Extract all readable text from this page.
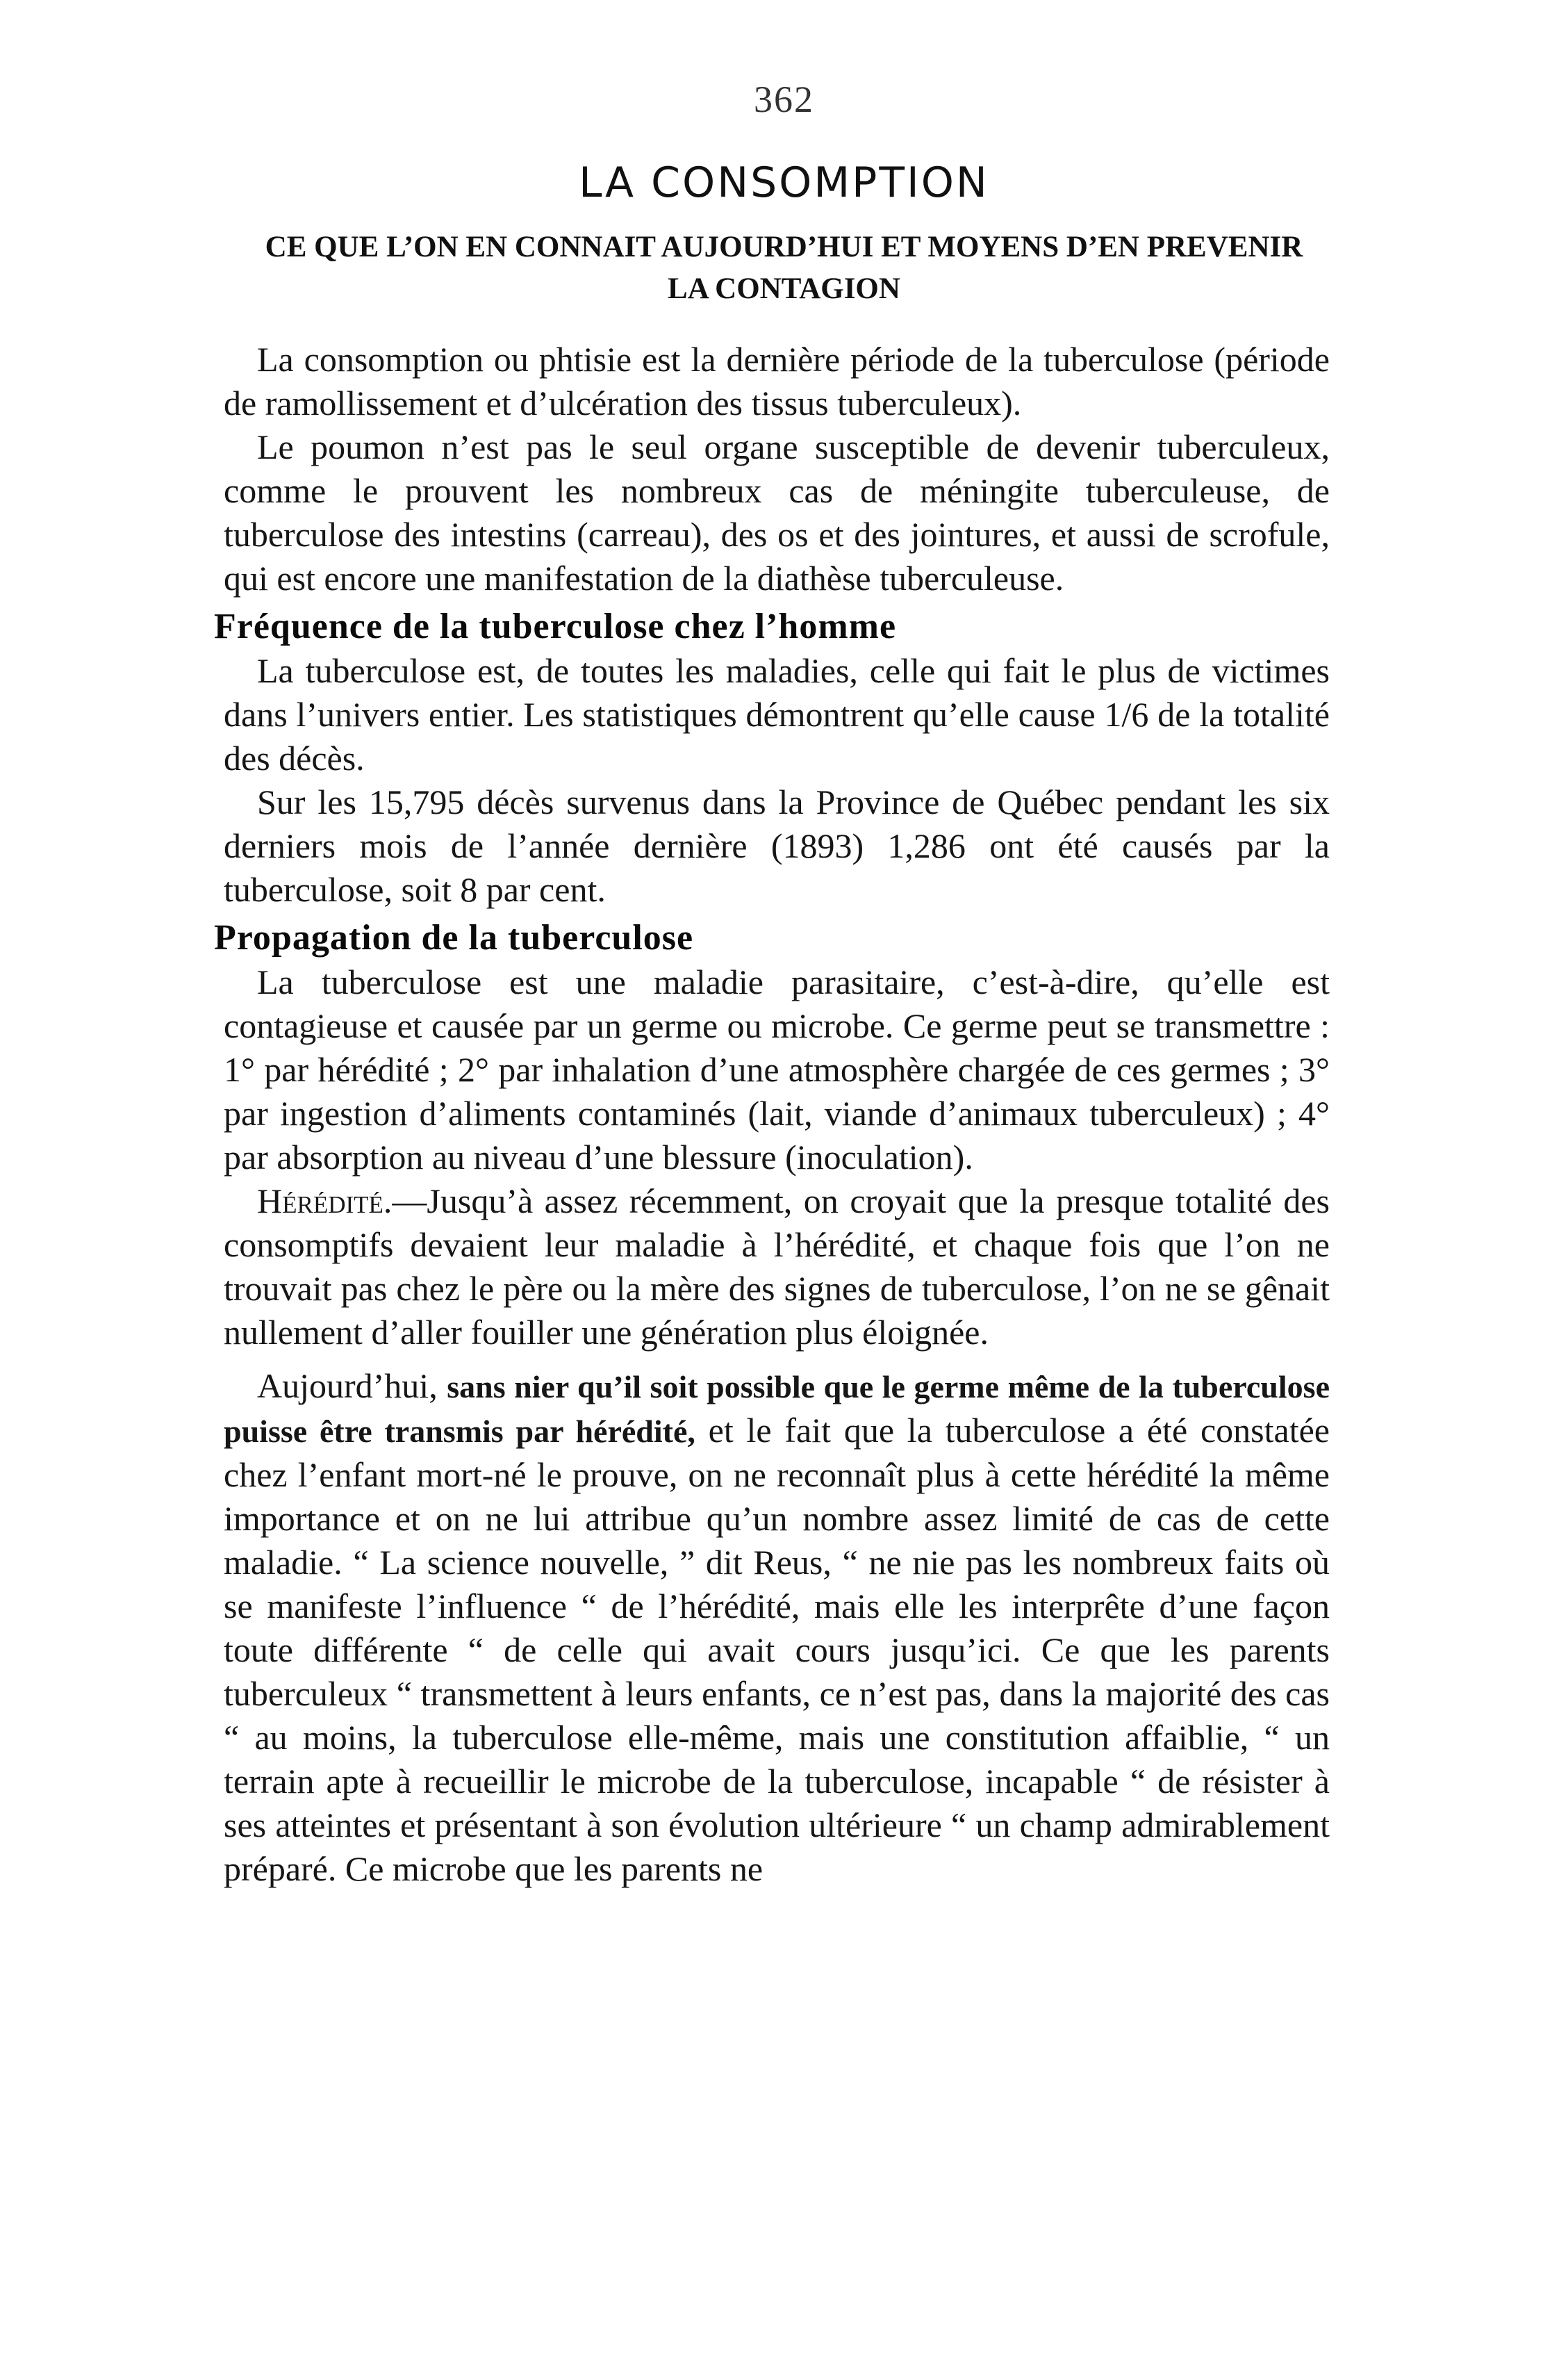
362
LA CONSOMPTION
CE QUE L’ON EN CONNAIT AUJOURD’HUI ET MOYENS D’EN PREVENIR
LA CONTAGION

La consomption ou phtisie est la dernière période de la tuberculose (période de ramollissement et d’ulcération des tissus tuberculeux).

Le poumon n’est pas le seul organe susceptible de devenir tuberculeux, comme le prouvent les nombreux cas de méningite tuberculeuse, de tuberculose des intestins (carreau), des os et des jointures, et aussi de scrofule, qui est encore une manifestation de la diathèse tuberculeuse.

Fréquence de la tuberculose chez l’homme

La tuberculose est, de toutes les maladies, celle qui fait le plus de victimes dans l’univers entier. Les statistiques démontrent qu’elle cause 1/6 de la totalité des décès.

Sur les 15,795 décès survenus dans la Province de Québec pendant les six derniers mois de l’année dernière (1893) 1,286 ont été causés par la tuberculose, soit 8 par cent.

Propagation de la tuberculose

La tuberculose est une maladie parasitaire, c’est-à-dire, qu’elle est contagieuse et causée par un germe ou microbe. Ce germe peut se transmettre : 1° par hérédité ; 2° par inhalation d’une atmosphère chargée de ces germes ; 3° par ingestion d’aliments contaminés (lait, viande d’animaux tuberculeux) ; 4° par absorption au niveau d’une blessure (inoculation).

Hérédité.—Jusqu’à assez récemment, on croyait que la presque totalité des consomptifs devaient leur maladie à l’hérédité, et chaque fois que l’on ne trouvait pas chez le père ou la mère des signes de tuberculose, l’on ne se gênait nullement d’aller fouiller une génération plus éloignée.

Aujourd’hui, sans nier qu’il soit possible que le germe même de la tuberculose puisse être transmis par hérédité, et le fait que la tuberculose a été constatée chez l’enfant mort-né le prouve, on ne reconnaît plus à cette hérédité la même importance et on ne lui attribue qu’un nombre assez limité de cas de cette maladie. “ La science nouvelle, ” dit Reus, “ ne nie pas les nombreux faits où se manifeste l’influence “ de l’hérédité, mais elle les interprête d’une façon toute différente “ de celle qui avait cours jusqu’ici. Ce que les parents tuberculeux “ transmettent à leurs enfants, ce n’est pas, dans la majorité des cas “ au moins, la tuberculose elle-même, mais une constitution affaiblie, “ un terrain apte à recueillir le microbe de la tuberculose, incapable “ de résister à ses atteintes et présentant à son évolution ultérieure “ un champ admirablement préparé. Ce microbe que les parents ne
